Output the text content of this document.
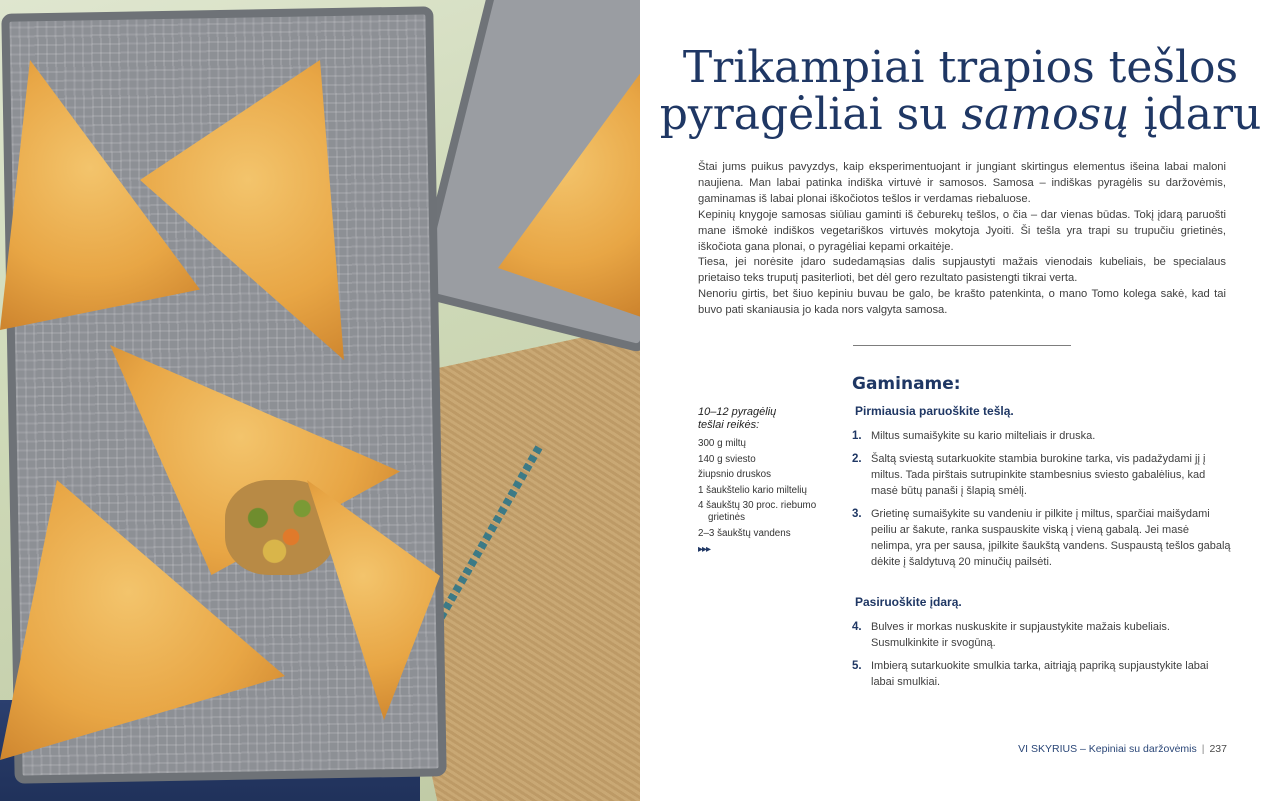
Trikampiai trapios tešlos
pyragėliai su samosų įdaru

Štai jums puikus pavyzdys, kaip eksperimentuojant ir jungiant skirtingus elementus išeina labai maloni naujiena. Man labai patinka indiška virtuvė ir samosos. Samosa – indiškas pyragėlis su daržovėmis, gaminamas iš labai plonai iškočiotos tešlos ir verdamas riebaluose.

Kepinių knygoje samosas siūliau gaminti iš čeburekų tešlos, o čia – dar vienas būdas. Tokį įdarą paruošti mane išmokė indiškos vegetariškos virtuvės mokytoja Jyoiti. Ši tešla yra trapi su trupučiu grietinės, iškočiota gana plonai, o pyragėliai kepami orkaitėje.

Tiesa, jei norėsite įdaro sudedamąsias dalis supjaustyti mažais vienodais kubeliais, be specialaus prietaiso teks truputį pasiterlioti, bet dėl gero rezultato pasistengti tikrai verta.

Nenoriu girtis, bet šiuo kepiniu buvau be galo, be krašto patenkinta, o mano Tomo kolega sakė, kad tai buvo pati skaniausia jo kada nors valgyta samosa.

Gaminame:

10–12 pyragėlių
tešlai reikės:

300 g miltų
140 g sviesto
žiupsnio druskos
1 šaukštelio kario miltelių
4 šaukštų 30 proc. riebumo grietinės
2–3 šaukštų vandens
▸▸▸
Pirmiausia paruoškite tešlą.
1. Miltus sumaišykite su kario milteliais ir druska.
2. Šaltą sviestą sutarkuokite stambia burokine tarka, vis padažydami jį į miltus. Tada pirštais sutrupinkite stambesnius sviesto gabalėlius, kad masė būtų panaši į šlapią smėlį.
3. Grietinę sumaišykite su vandeniu ir pilkite į miltus, sparčiai maišydami peiliu ar šakute, ranka suspauskite viską į vieną gabalą. Jei masė nelimpa, yra per sausa, įpilkite šaukštą vandens. Suspaustą tešlos gabalą dėkite į šaldytuvą 20 minučių pailsėti.
Pasiruoškite įdarą.
4. Bulves ir morkas nuskuskite ir supjaustykite mažais kubeliais. Susmulkinkite ir svogūną.
5. Imbierą sutarkuokite smulkia tarka, aitriąją papriką supjaustykite labai labai smulkiai.
VI SKYRIUS – Kepiniai su daržovėmis | 237
